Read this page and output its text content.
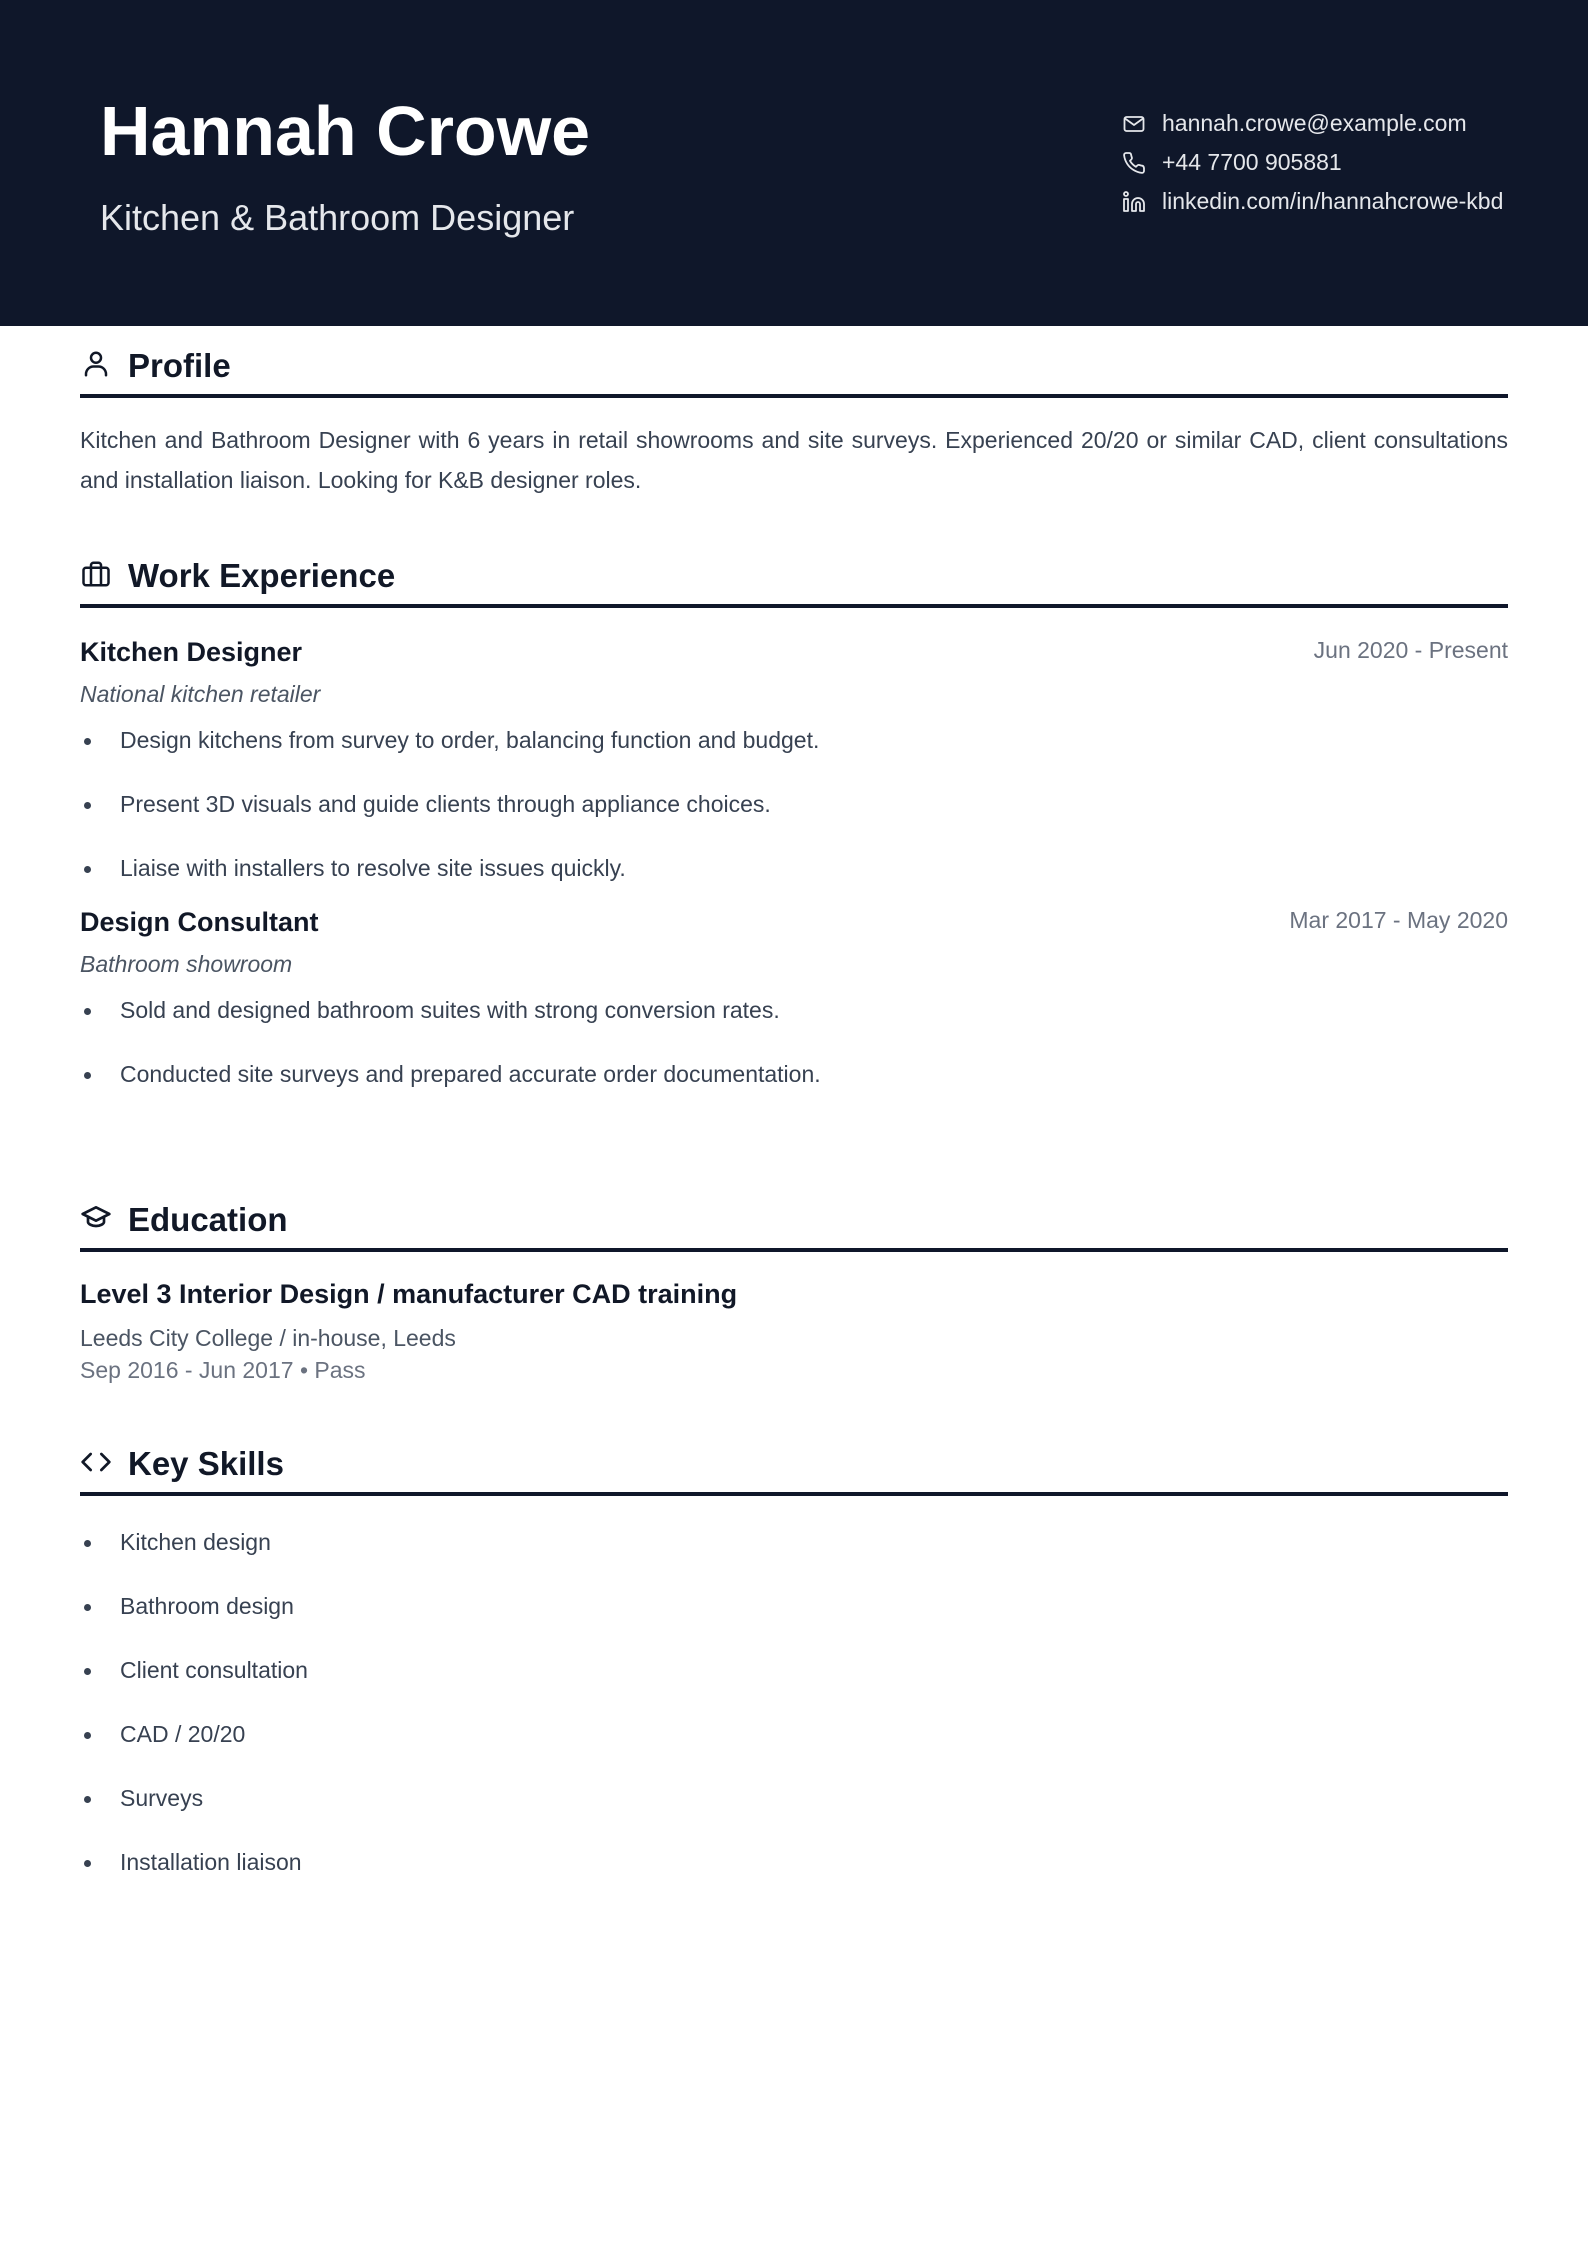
Hannah Crowe
Kitchen & Bathroom Designer
hannah.crowe@example.com
+44 7700 905881
linkedin.com/in/hannahcrowe-kbd
Profile

Kitchen and Bathroom Designer with 6 years in retail showrooms and site surveys. Experienced 20/20 or similar CAD, client consultations and installation liaison. Looking for K&B designer roles.

Work Experience
Kitchen Designer	Jun 2020 - Present
National kitchen retailer
Design kitchens from survey to order, balancing function and budget.
Present 3D visuals and guide clients through appliance choices.
Liaise with installers to resolve site issues quickly.
Design Consultant	Mar 2017 - May 2020
Bathroom showroom
Sold and designed bathroom suites with strong conversion rates.
Conducted site surveys and prepared accurate order documentation.
Education
Level 3 Interior Design / manufacturer CAD training
Leeds City College / in-house, Leeds
Sep 2016 - Jun 2017 • Pass
Key Skills
Kitchen design
Bathroom design
Client consultation
CAD / 20/20
Surveys
Installation liaison
